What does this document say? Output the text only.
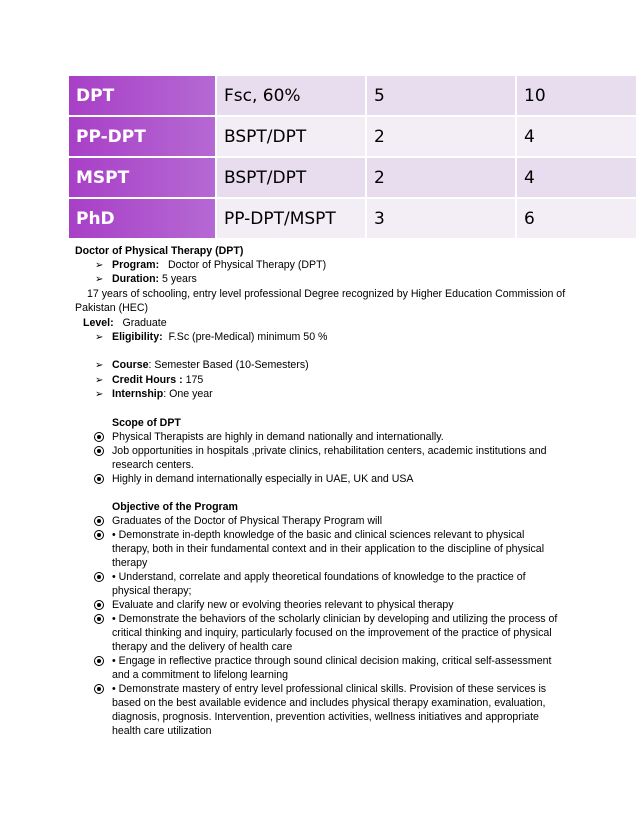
DPT	Fsc, 60%	5	10
PP-DPT	BSPT/DPT	2	4
MSPT	BSPT/DPT	2	4
PhD	PP-DPT/MSPT	3	6
Doctor of Physical Therapy (DPT)
➢ Program: Doctor of Physical Therapy (DPT)
➢ Duration: 5 years
17 years of schooling, entry level professional Degree recognized by Higher Education Commission of
Pakistan (HEC)
Level: Graduate
➢ Eligibility: F.Sc (pre-Medical) minimum 50 %
➢ Course: Semester Based (10-Semesters)
➢ Credit Hours : 175
➢ Internship: One year
Scope of DPT
Physical Therapists are highly in demand nationally and internationally.
Job opportunities in hospitals ,private clinics, rehabilitation centers, academic institutions and
research centers.
Highly in demand internationally especially in UAE, UK and USA
Objective of the Program
Graduates of the Doctor of Physical Therapy Program will
• Demonstrate in-depth knowledge of the basic and clinical sciences relevant to physical
therapy, both in their fundamental context and in their application to the discipline of physical
therapy
• Understand, correlate and apply theoretical foundations of knowledge to the practice of
physical therapy;
Evaluate and clarify new or evolving theories relevant to physical therapy
• Demonstrate the behaviors of the scholarly clinician by developing and utilizing the process of
critical thinking and inquiry, particularly focused on the improvement of the practice of physical
therapy and the delivery of health care
• Engage in reflective practice through sound clinical decision making, critical self-assessment
and a commitment to lifelong learning
• Demonstrate mastery of entry level professional clinical skills. Provision of these services is
based on the best available evidence and includes physical therapy examination, evaluation,
diagnosis, prognosis. Intervention, prevention activities, wellness initiatives and appropriate
health care utilization
